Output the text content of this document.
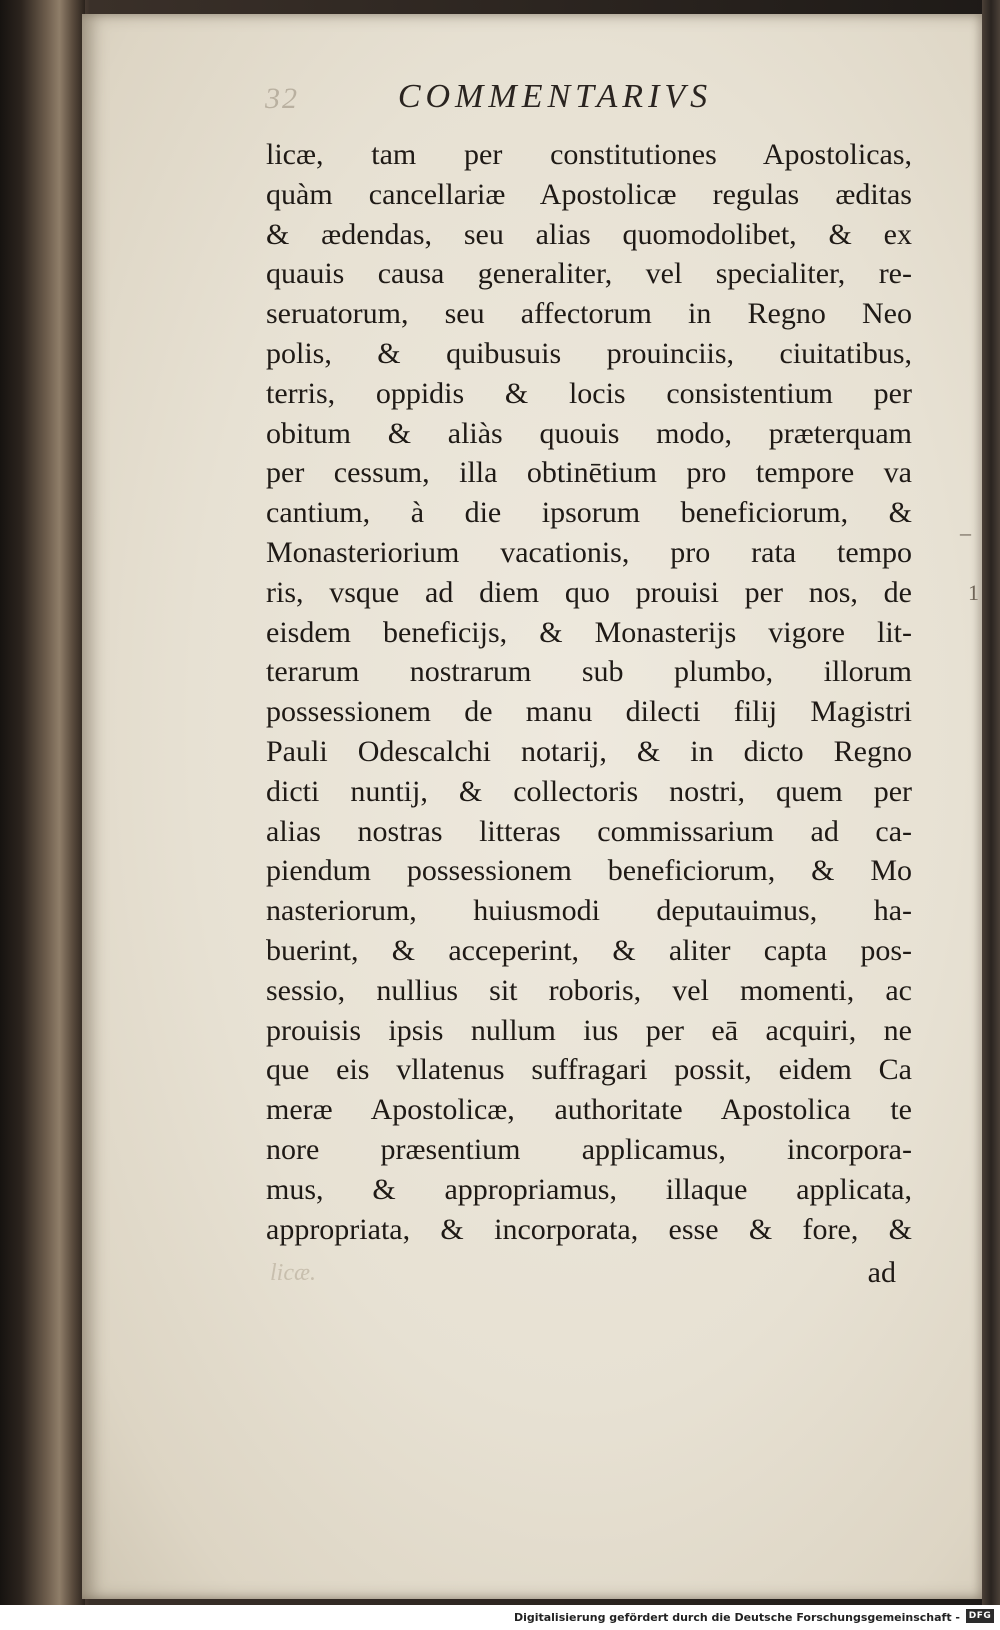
32	COMMENTARIVS
licæ, tam per constitutiones Apostolicas,
quàm cancellariæ Apostolicæ regulas æditas
& ædendas, seu alias quomodolibet, & ex
quauis causa generaliter, vel specialiter, re-
seruatorum, seu affectorum in Regno Neo
polis, & quibusuis prouinciis, ciuitatibus,
terris, oppidis & locis consistentium per
obitum & aliàs quouis modo, præterquam
per cessum, illa obtinētium pro tempore va
cantium, à die ipsorum beneficiorum, &
Monasteriorium vacationis, pro rata tempo
ris, vsque ad diem quo prouisi per nos, de
eisdem beneficijs, & Monasterijs vigore lit-
terarum nostrarum sub plumbo, illorum
possessionem de manu dilecti filij Magistri
Pauli Odescalchi notarij, & in dicto Regno
dicti nuntij, & collectoris nostri, quem per
alias nostras litteras commissarium ad ca-
piendum possessionem beneficiorum, & Mo
nasteriorum, huiusmodi deputauimus, ha-
buerint, & acceperint, & aliter capta pos-
sessio, nullius sit roboris, vel momenti, ac
prouisis ipsis nullum ius per eā acquiri, ne
que eis vllatenus suffragari possit, eidem Ca
meræ Apostolicæ, authoritate Apostolica te
nore præsentium applicamus, incorpora-
mus, & appropriamus, illaque applicata,
appropriata, & incorporata, esse & fore, &
licæ.	ad
–
1
Digitalisierung gefördert durch die Deutsche Forschungsgemeinschaft - DFG
